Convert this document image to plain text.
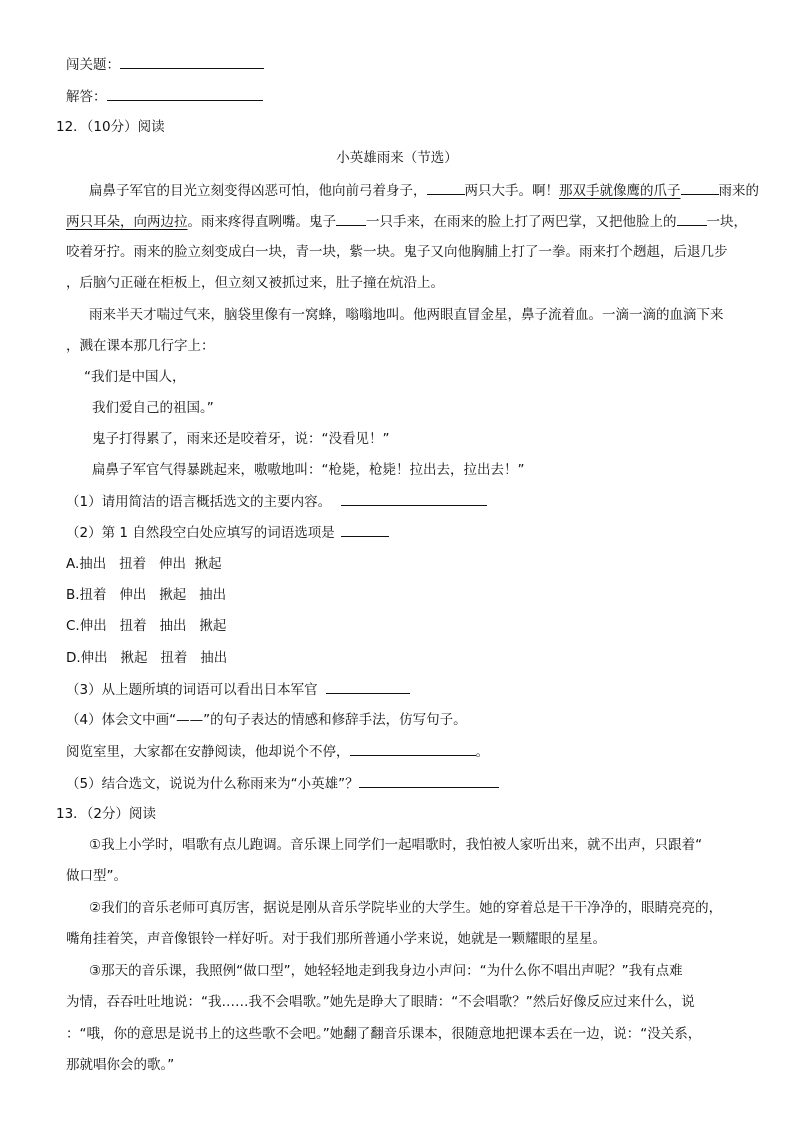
闯关题：
解答：
12．（10分）阅读
小英雄雨来（节选）
扁鼻子军官的目光立刻变得凶恶可怕，他向前弓着身子，	两只大手。啊！那双手就像鹰的爪子	雨来的
两只耳朵，向两边拉。雨来疼得直咧嘴。鬼子 一只手来，在雨来的脸上打了两巴掌，又把他脸上的 一块，
咬着牙拧。雨来的脸立刻变成白一块，青一块，紫一块。鬼子又向他胸脯上打了一拳。雨来打个趔趄，后退几步
，后脑勺正碰在柜板上，但立刻又被抓过来，肚子撞在炕沿上。
雨来半天才喘过气来，脑袋里像有一窝蜂，嗡嗡地叫。他两眼直冒金星，鼻子流着血。一滴一滴的血滴下来
，溅在课本那几行字上：
“我们是中国人，
我们爱自己的祖国。”
鬼子打得累了，雨来还是咬着牙，说：“没看见！”
扁鼻子军官气得暴跳起来，嗷嗷地叫：“枪毙，枪毙！拉出去，拉出去！”
（1）请用简洁的语言概括选文的主要内容。
（2）第 1 自然段空白处应填写的词语选项是
A.抽出   扭着   伸出  揪起
B.扭着   伸出   揪起   抽出
C.伸出   扭着   抽出   揪起
D.伸出   揪起   扭着   抽出
（3）从上题所填的词语可以看出日本军官
（4）体会文中画“——”的句子表达的情感和修辞手法，仿写句子。
阅览室里，大家都在安静阅读，他却说个不停，	。
（5）结合选文，说说为什么称雨来为“小英雄”？
13．（2分）阅读
①我上小学时，唱歌有点儿跑调。音乐课上同学们一起唱歌时，我怕被人家听出来，就不出声，只跟着“
做口型”。
②我们的音乐老师可真厉害，据说是刚从音乐学院毕业的大学生。她的穿着总是干干净净的，眼睛亮亮的，
嘴角挂着笑，声音像银铃一样好听。对于我们那所普通小学来说，她就是一颗耀眼的星星。
③那天的音乐课，我照例“做口型”，她轻轻地走到我身边小声问：“为什么你不唱出声呢？”我有点难
为情，吞吞吐吐地说：“我……我不会唱歌。”她先是睁大了眼睛：“不会唱歌？”然后好像反应过来什么，说
：“哦，你的意思是说书上的这些歌不会吧。”她翻了翻音乐课本，很随意地把课本丢在一边，说：“没关系，
那就唱你会的歌。”
